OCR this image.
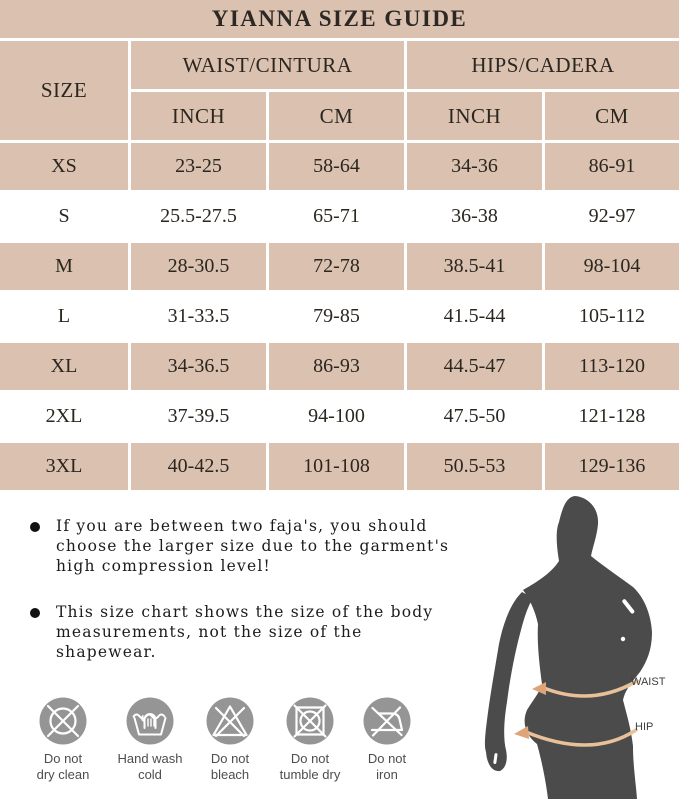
YIANNA SIZE GUIDE
SIZE
WAIST/CINTURA	HIPS/CADERA
INCH	CM	INCH	CM
XS	23-25	58-64	34-36	86-91
S	25.5-27.5	65-71	36-38	92-97
M	28-30.5	72-78	38.5-41	98-104
L	31-33.5	79-85	41.5-44	105-112
XL	34-36.5	86-93	44.5-47	113-120
2XL	37-39.5	94-100	47.5-50	121-128
3XL	40-42.5	101-108	50.5-53	129-136
If you are between two faja's, you should
choose the larger size due to the garment's
high compression level!
This size chart shows the size of the body
measurements, not the size of the
shapewear.
Do not
dry clean
Hand wash
cold
Do not
bleach
Do not
tumble dry
Do not
iron
WAIST
HIP
